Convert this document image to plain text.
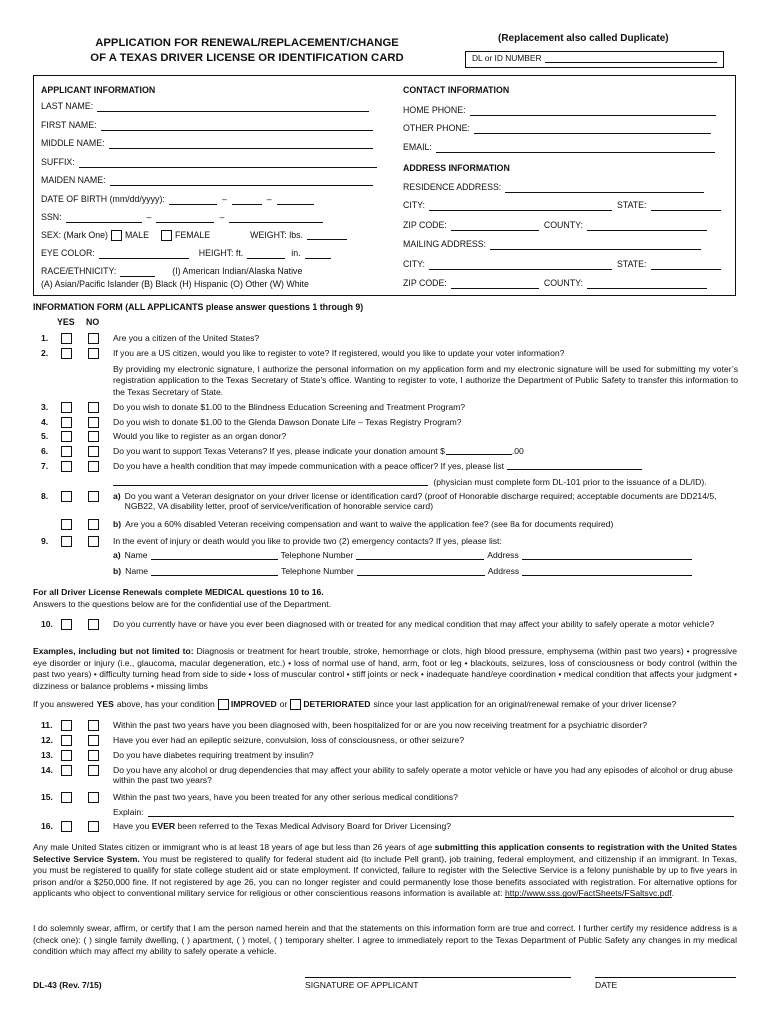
APPLICATION FOR RENEWAL/REPLACEMENT/CHANGE
OF A TEXAS DRIVER LICENSE OR IDENTIFICATION CARD
(Replacement also called Duplicate)
DL or ID NUMBER
APPLICANT INFORMATION
LAST NAME:
FIRST NAME:
MIDDLE NAME:
SUFFIX:
MAIDEN NAME:
DATE OF BIRTH (mm/dd/yyyy):	–	–
SSN:	–	–
SEX: (Mark One) MALE	FEMALE	WEIGHT: lbs.
EYE COLOR:	HEIGHT: ft.	in.
RACE/ETHNICITY:	(I) American Indian/Alaska Native
(A) Asian/Pacific Islander (B) Black (H) Hispanic (O) Other (W) White
CONTACT INFORMATION
HOME PHONE:
OTHER PHONE:
EMAIL:
ADDRESS INFORMATION
RESIDENCE ADDRESS:
CITY:	STATE:
ZIP CODE:	COUNTY:
MAILING ADDRESS:
CITY:	STATE:
ZIP CODE:	COUNTY:
INFORMATION FORM (ALL APPLICANTS please answer questions 1 through 9)
YES NO
1.	Are you a citizen of the United States?
2.	If you are a US citizen, would you like to register to vote? If registered, would you like to update your voter information?
By providing my electronic signature, I authorize the personal information on my application form and my electronic signature will be used for submitting my voter’s registration application to the Texas Secretary of State’s office. Wanting to register to vote, I authorize the Department of Public Safety to transfer this information to the Texas Secretary of State.
3.	Do you wish to donate $1.00 to the Blindness Education Screening and Treatment Program?
4.	Do you wish to donate $1.00 to the Glenda Dawson Donate Life – Texas Registry Program?
5.	Would you like to register as an organ donor?
6.	Do you want to support Texas Veterans? If yes, please indicate your donation amount $	.00
7.	Do you have a health condition that may impede communication with a peace officer? If yes, please list
(physician must complete form DL-101 prior to the issuance of a DL/ID).
8.	a) Do you want a Veteran designator on your driver license or identification card? (proof of Honorable discharge required; acceptable documents are DD214/5, NGB22, VA disability letter, proof of service/verification of honorable service card)
b) Are you a 60% disabled Veteran receiving compensation and want to waive the application fee? (see 8a for documents required)
9.	In the event of injury or death would you like to provide two (2) emergency contacts? If yes, please list:
a) Name	Telephone Number	Address
b) Name	Telephone Number	Address
For all Driver License Renewals complete MEDICAL questions 10 to 16.
Answers to the questions below are for the confidential use of the Department.
10.	Do you currently have or have you ever been diagnosed with or treated for any medical condition that may affect your ability to safely operate a motor vehicle?
Examples, including but not limited to: Diagnosis or treatment for heart trouble, stroke, hemorrhage or clots, high blood pressure, emphysema (within past two years) • progressive eye disorder or injury (i.e., glaucoma, macular degeneration, etc.) • loss of normal use of hand, arm, foot or leg • blackouts, seizures, loss of consciousness or body control (within the past two years) • difficulty turning head from side to side • loss of muscular control • stiff joints or neck • inadequate hand/eye coordination • medical condition that affects your judgment • dizziness or balance problems • missing limbs
If you answered YES above, has your condition IMPROVED or DETERIORATED since your last application for an original/renewal remake of your driver license?
11.	Within the past two years have you been diagnosed with, been hospitalized for or are you now receiving treatment for a psychiatric disorder?
12.	Have you ever had an epileptic seizure, convulsion, loss of consciousness, or other seizure?
13.	Do you have diabetes requiring treatment by insulin?
14.	Do you have any alcohol or drug dependencies that may affect your ability to safely operate a motor vehicle or have you had any episodes of alcohol or drug abuse within the past two years?
15.	Within the past two years, have you been treated for any other serious medical conditions?
Explain:
16.	Have you EVER been referred to the Texas Medical Advisory Board for Driver Licensing?
Any male United States citizen or immigrant who is at least 18 years of age but less than 26 years of age submitting this application consents to registration with the United States Selective Service System. You must be registered to qualify for federal student aid (to include Pell grant), job training, federal employment, and citizenship if an immigrant. In Texas, you must be registered to qualify for state college student aid or state employment. If convicted, failure to register with the Selective Service is a felony punishable by up to five years in prison and/or a $250,000 fine. If not registered by age 26, you can no longer register and could permanently lose those benefits associated with registration. For alternative options for applicants who object to conventional military service for religious or other conscientious reasons information is available at: http://www.sss.gov/FactSheets/FSaltsvc.pdf.
I do solemnly swear, affirm, or certify that I am the person named herein and that the statements on this information form are true and correct. I further certify my residence address is a (check one): ( ) single family dwelling, ( ) apartment, ( ) motel, ( ) temporary shelter. I agree to immediately report to the Texas Department of Public Safety any changes in my medical condition which may affect my ability to safely operate a vehicle.
DL-43 (Rev. 7/15)	SIGNATURE OF APPLICANT	DATE
